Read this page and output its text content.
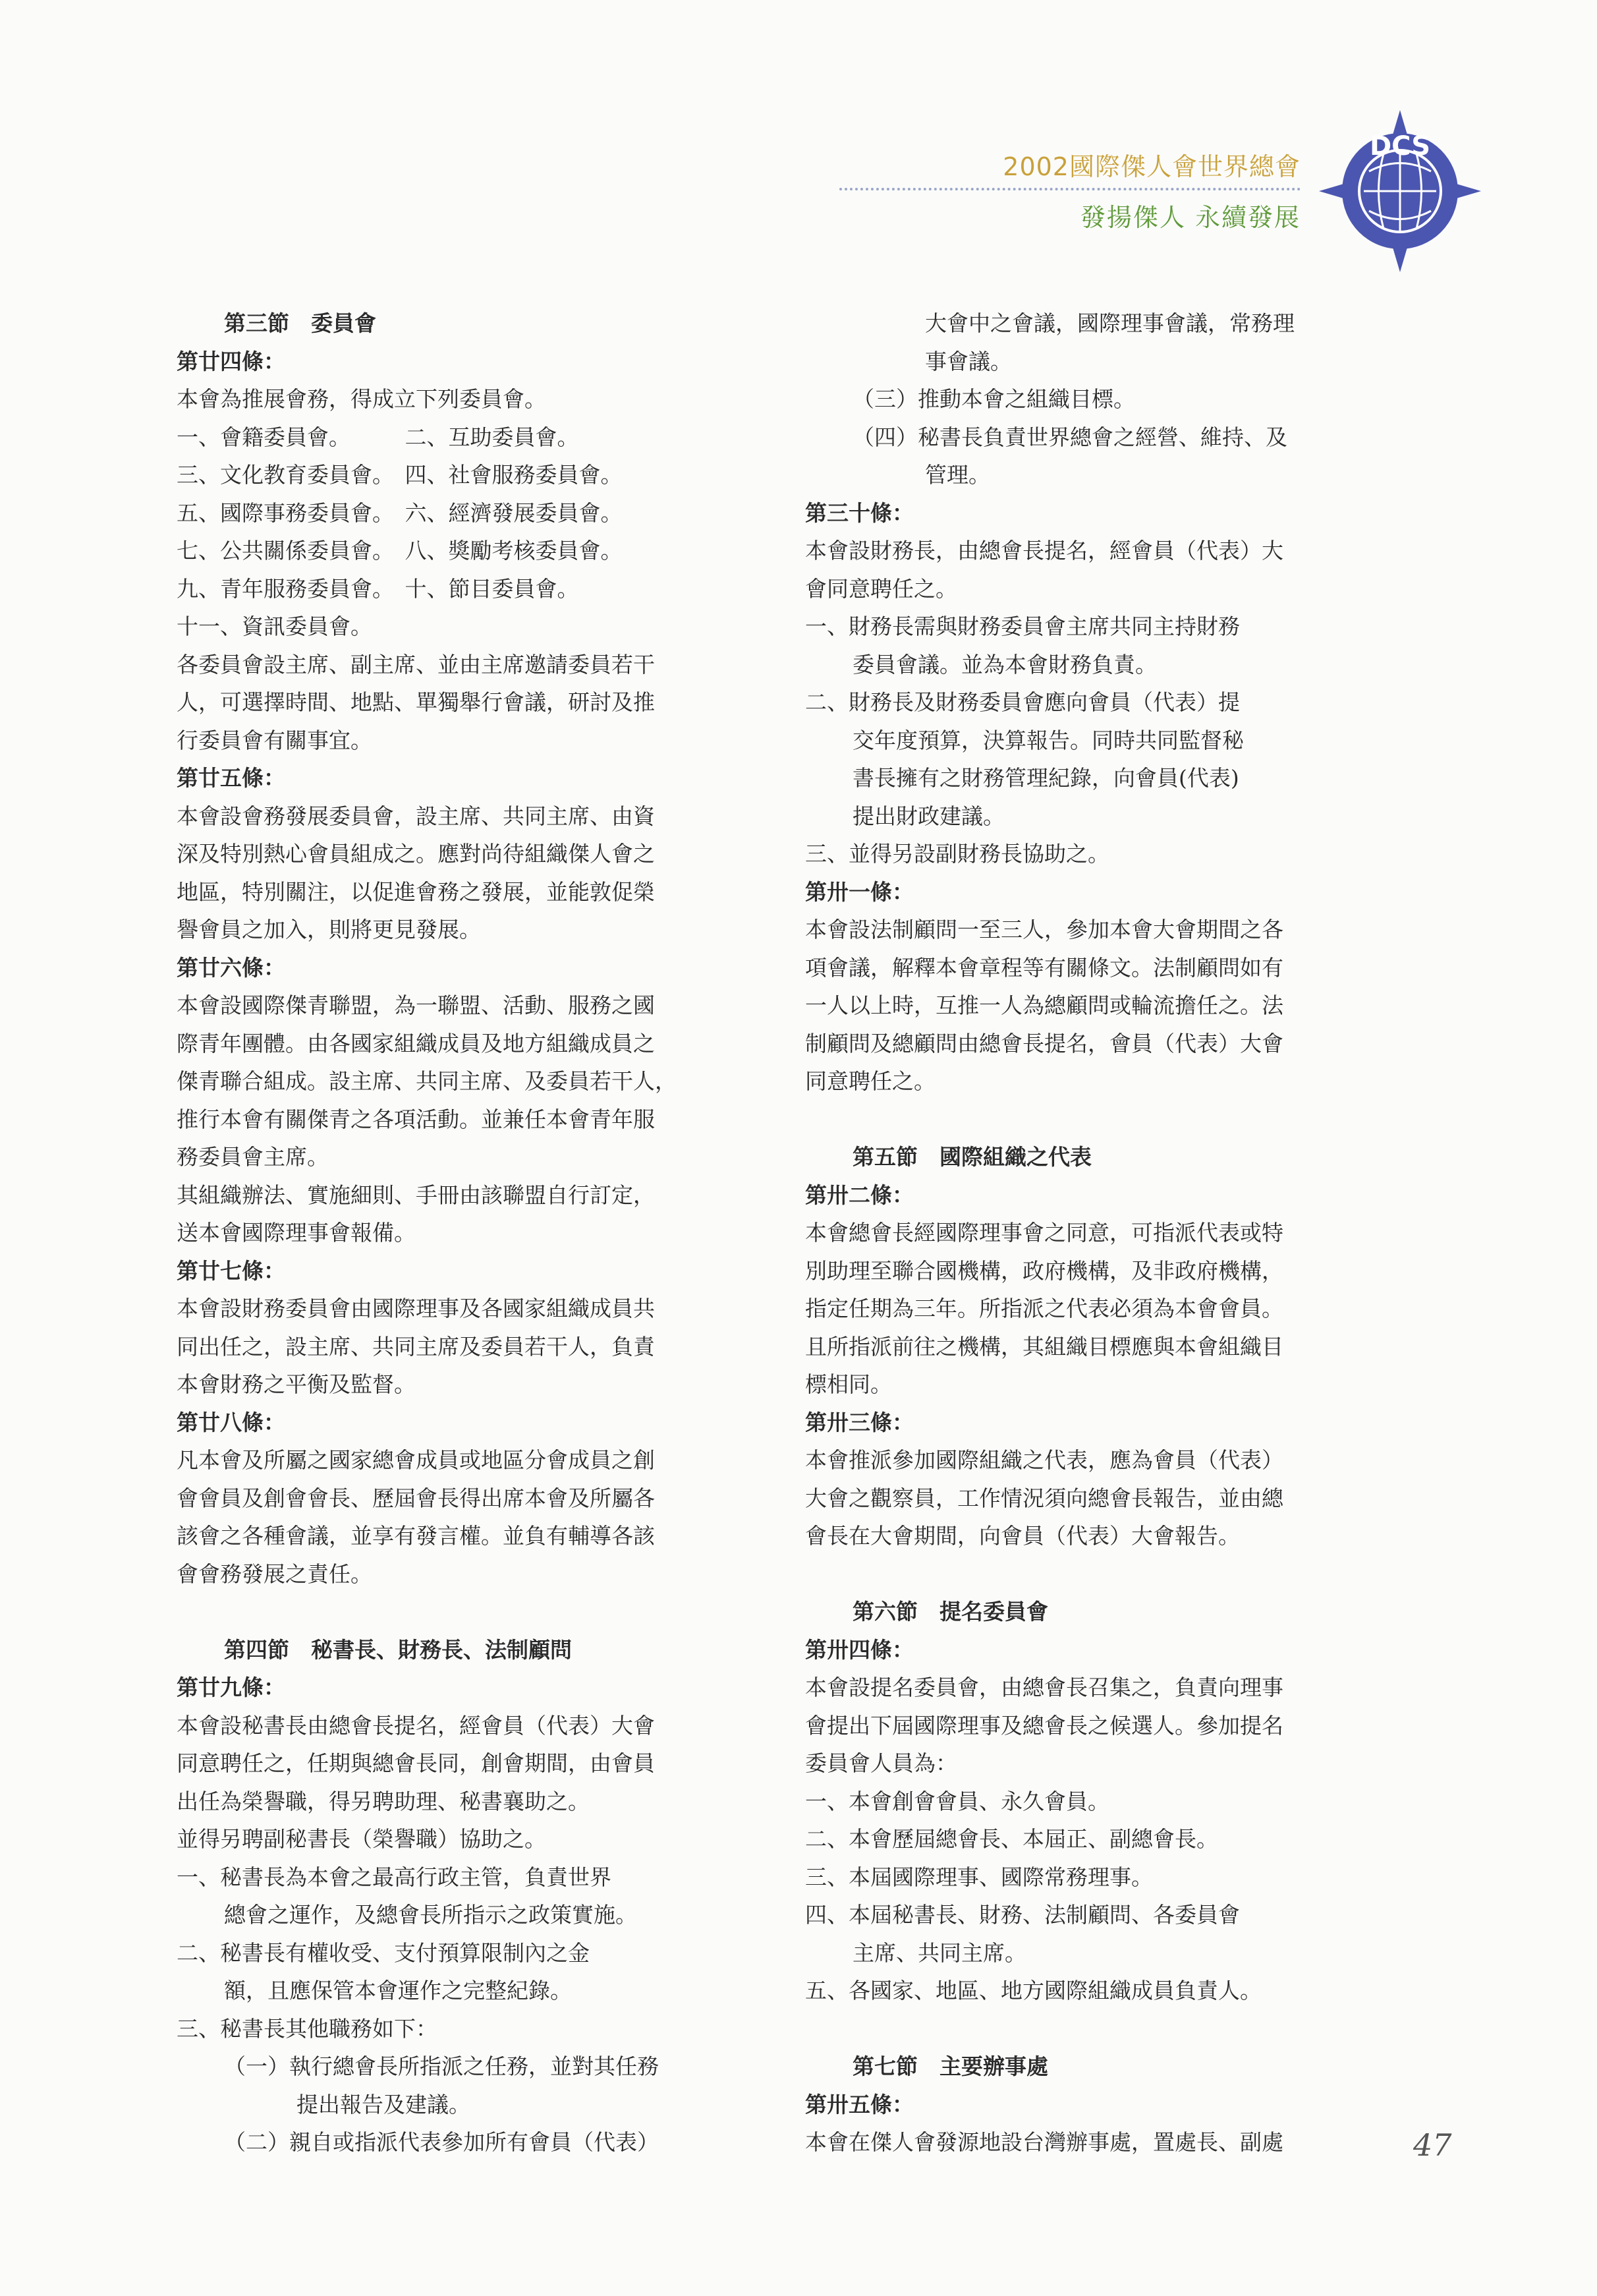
2002國際傑人會世界總會
發揚傑人 永續發展
DCS
第三節　委員會
第廿四條：
本會為推展會務，得成立下列委員會。
一、會籍委員會。　　　二、互助委員會。
三、文化教育委員會。　四、社會服務委員會。
五、國際事務委員會。　六、經濟發展委員會。
七、公共關係委員會。　八、獎勵考核委員會。
九、青年服務委員會。　十、節目委員會。
十一、資訊委員會。
各委員會設主席、副主席、並由主席邀請委員若干
人，可選擇時間、地點、單獨舉行會議，研討及推
行委員會有關事宜。
第廿五條：
本會設會務發展委員會，設主席、共同主席、由資
深及特別熱心會員組成之。應對尚待組織傑人會之
地區，特別關注，以促進會務之發展，並能敦促榮
譽會員之加入，則將更見發展。
第廿六條：
本會設國際傑青聯盟，為一聯盟、活動、服務之國
際青年團體。由各國家組織成員及地方組織成員之
傑青聯合組成。設主席、共同主席、及委員若干人，
推行本會有關傑青之各項活動。並兼任本會青年服
務委員會主席。
其組織辦法、實施細則、手冊由該聯盟自行訂定，
送本會國際理事會報備。
第廿七條：
本會設財務委員會由國際理事及各國家組織成員共
同出任之，設主席、共同主席及委員若干人，負責
本會財務之平衡及監督。
第廿八條：
凡本會及所屬之國家總會成員或地區分會成員之創
會會員及創會會長、歷屆會長得出席本會及所屬各
該會之各種會議，並享有發言權。並負有輔導各該
會會務發展之責任。
第四節　秘書長、財務長、法制顧問
第廿九條：
本會設秘書長由總會長提名，經會員（代表）大會
同意聘任之，任期與總會長同，創會期間，由會員
出任為榮譽職，得另聘助理、秘書襄助之。
並得另聘副秘書長（榮譽職）協助之。
一、秘書長為本會之最高行政主管，負責世界
總會之運作，及總會長所指示之政策實施。
二、秘書長有權收受、支付預算限制內之金
額，且應保管本會運作之完整紀錄。
三、秘書長其他職務如下：
（一）執行總會長所指派之任務，並對其任務
提出報告及建議。
（二）親自或指派代表參加所有會員（代表）
大會中之會議，國際理事會議，常務理
事會議。
（三）推動本會之組織目標。
（四）秘書長負責世界總會之經營、維持、及
管理。
第三十條：
本會設財務長，由總會長提名，經會員（代表）大
會同意聘任之。
一、財務長需與財務委員會主席共同主持財務
委員會議。並為本會財務負責。
二、財務長及財務委員會應向會員（代表）提
交年度預算，決算報告。同時共同監督秘
書長擁有之財務管理紀錄，向會員(代表)
提出財政建議。
三、並得另設副財務長協助之。
第卅一條：
本會設法制顧問一至三人，參加本會大會期間之各
項會議，解釋本會章程等有關條文。法制顧問如有
一人以上時，互推一人為總顧問或輪流擔任之。法
制顧問及總顧問由總會長提名，會員（代表）大會
同意聘任之。
第五節　國際組織之代表
第卅二條：
本會總會長經國際理事會之同意，可指派代表或特
別助理至聯合國機構，政府機構，及非政府機構，
指定任期為三年。所指派之代表必須為本會會員。
且所指派前往之機構，其組織目標應與本會組織目
標相同。
第卅三條：
本會推派參加國際組織之代表，應為會員（代表）
大會之觀察員，工作情況須向總會長報告，並由總
會長在大會期間，向會員（代表）大會報告。
第六節　提名委員會
第卅四條：
本會設提名委員會，由總會長召集之，負責向理事
會提出下屆國際理事及總會長之候選人。參加提名
委員會人員為：
一、本會創會會員、永久會員。
二、本會歷屆總會長、本屆正、副總會長。
三、本屆國際理事、國際常務理事。
四、本屆秘書長、財務、法制顧問、各委員會
主席、共同主席。
五、各國家、地區、地方國際組織成員負責人。
第七節　主要辦事處
第卅五條：
本會在傑人會發源地設台灣辦事處，置處長、副處	47
